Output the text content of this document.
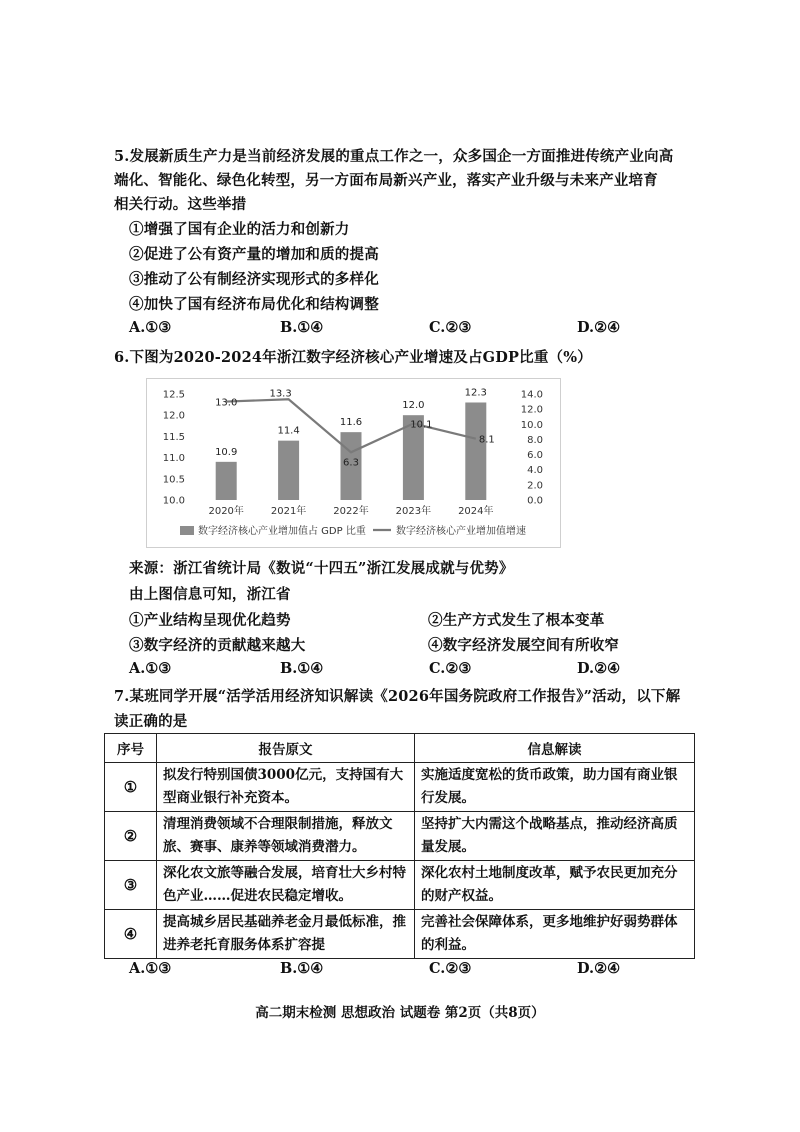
5.发展新质生产力是当前经济发展的重点工作之一，众多国企一方面推进传统产业向高
端化、智能化、绿色化转型，另一方面布局新兴产业，落实产业升级与未来产业培育
相关行动。这些举措
①增强了国有企业的活力和创新力
②促进了公有资产量的增加和质的提高
③推动了公有制经济实现形式的多样化
④加快了国有经济布局优化和结构调整
A.①③	B.①④	C.②③	D.②④
6.下图为2020-2024年浙江数字经济核心产业增速及占GDP比重（%）
12.5
12.0
11.5
11.0
10.5
10.0
14.0
12.0
10.0
8.0
6.0
4.0
2.0
0.0
10.9
2020年
11.4
2021年
11.6
2022年
12.0
2023年
12.3
2024年
13.0
13.3
6.3
10.1
8.1
数字经济核心产业增加值占 GDP 比重	数字经济核心产业增加值增速
来源：浙江省统计局《数说“十四五”浙江发展成就与优势》
由上图信息可知，浙江省
①产业结构呈现优化趋势	②生产方式发生了根本变革
③数字经济的贡献越来越大	④数字经济发展空间有所收窄
A.①③	B.①④	C.②③	D.②④
7.某班同学开展“活学活用经济知识解读《2026年国务院政府工作报告》”活动，以下解
读正确的是
序号	报告原文	信息解读
①	拟发行特别国债3000亿元，支持国有大型商业银行补充资本。	实施适度宽松的货币政策，助力国有商业银行发展。
②	清理消费领域不合理限制措施，释放文旅、赛事、康养等领域消费潜力。	坚持扩大内需这个战略基点，推动经济高质量发展。
③	深化农文旅等融合发展，培育壮大乡村特色产业……促进农民稳定增收。	深化农村土地制度改革，赋予农民更加充分的财产权益。
④	提高城乡居民基础养老金月最低标准，推进养老托育服务体系扩容提	完善社会保障体系，更多地维护好弱势群体的利益。
A.①③	B.①④	C.②③	D.②④
高二期末检测 思想政治 试题卷 第2页（共8页）
